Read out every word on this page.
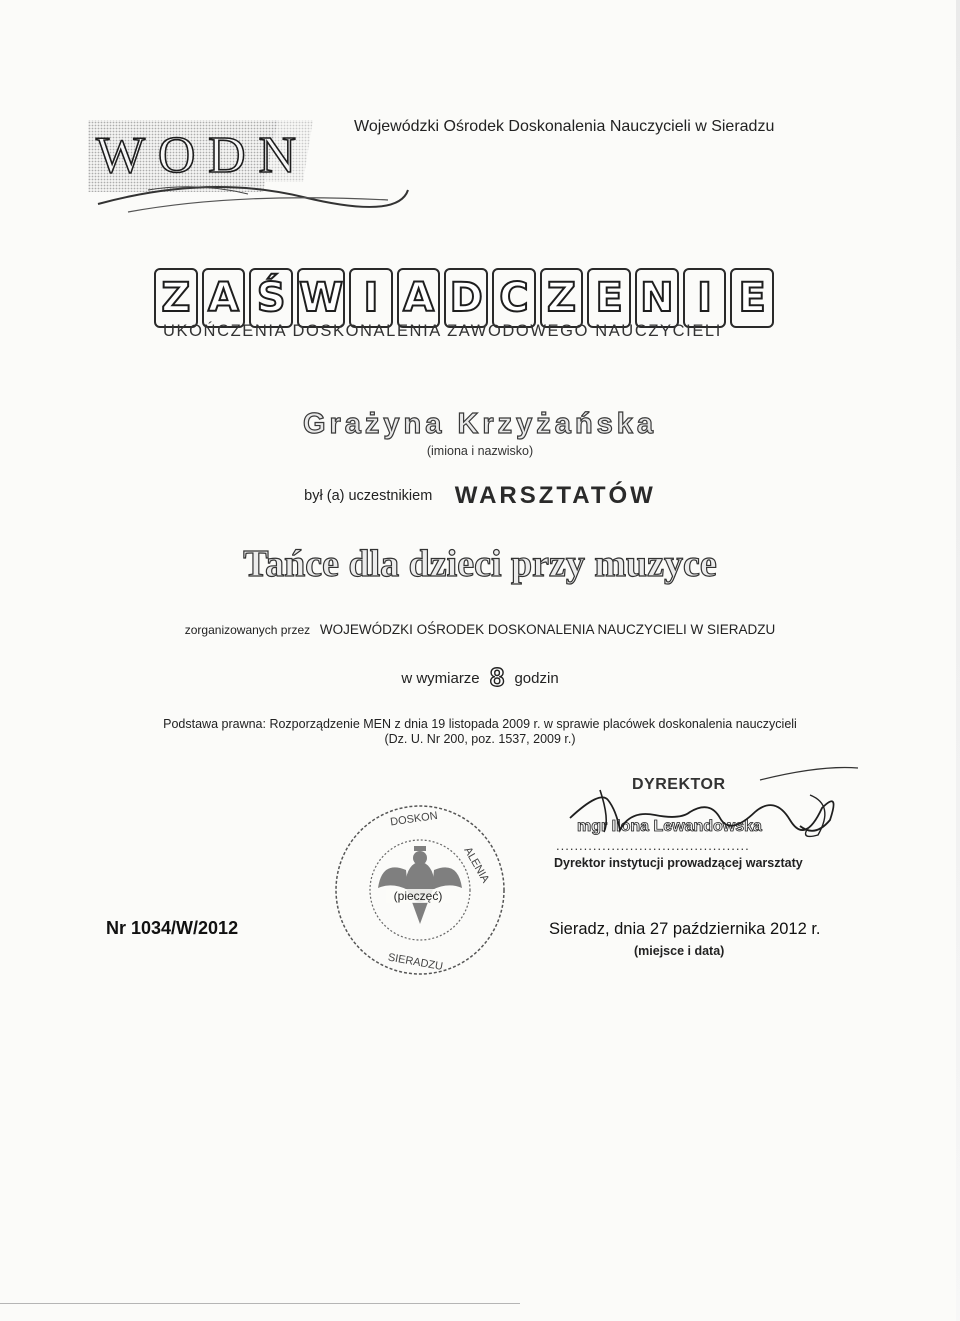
WODN
Wojewódzki Ośrodek Doskonalenia Nauczycieli w Sieradzu
Z A Ś W I A D C Z E N I E
UKOŃCZENIA DOSKONALENIA ZAWODOWEGO NAUCZYCIELI
Grażyna Krzyżańska
(imiona i nazwisko)
był (a) uczestnikiem WARSZTATÓW
Tańce dla dzieci przy muzyce
zorganizowanych przez WOJEWÓDZKI OŚRODEK DOSKONALENIA NAUCZYCIELI W SIERADZU
w wymiarze 8 godzin
Podstawa prawna: Rozporządzenie MEN z dnia 19 listopada 2009 r. w sprawie placówek doskonalenia nauczycieli
(Dz. U. Nr 200, poz. 1537, 2009 r.)
DYREKTOR
mgr Ilona Lewandowska
..........................................
Dyrektor instytucji prowadzącej warsztaty
DOSKON
ALENIA
SIERADZU
(pieczęć)
Nr 1034/W/2012	Sieradz, dnia 27 października 2012 r.
(miejsce i data)
